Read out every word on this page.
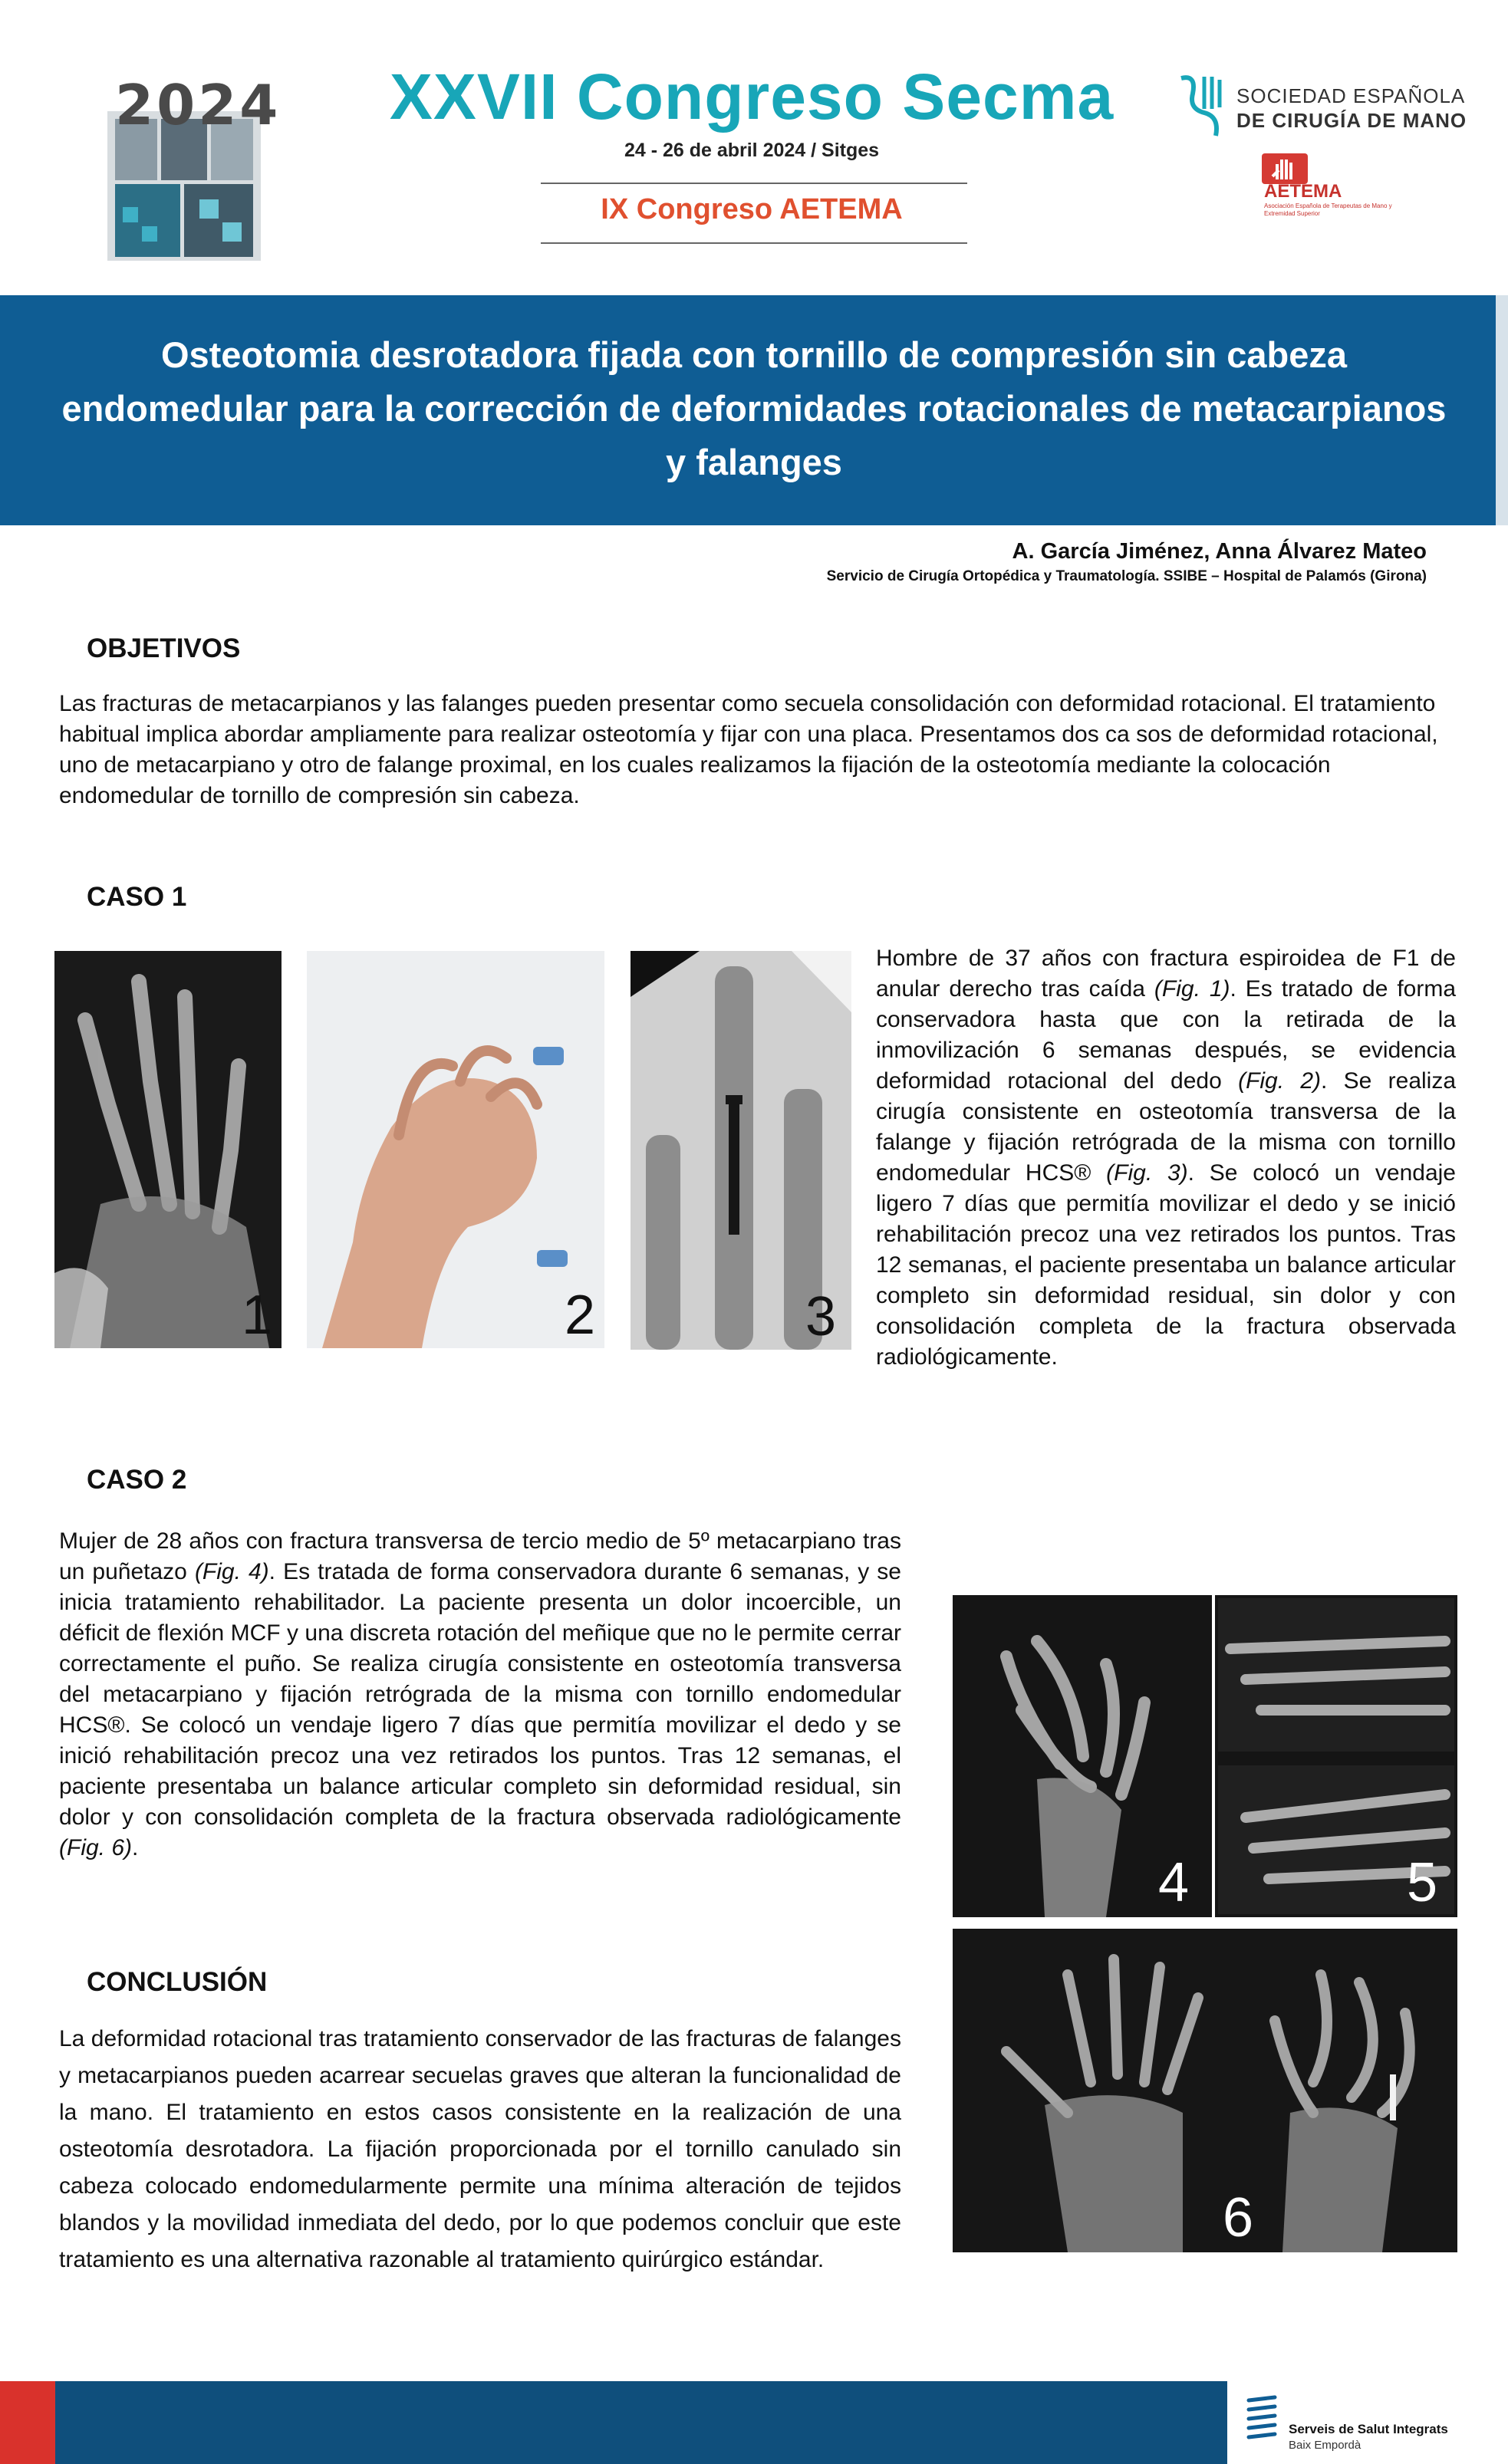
2024	XXVII Congreso Secma
24 - 26 de abril 2024 / Sitges
IX Congreso AETEMA
SOCIEDAD ESPAÑOLA
DE CIRUGÍA DE MANO
AETEMA
Asociación Española de Terapeutas de Mano y Extremidad Superior
Osteotomia desrotadora fijada con tornillo de compresión sin cabeza endomedular para la corrección de deformidades rotacionales de metacarpianos y falanges
A. García Jiménez, Anna Álvarez Mateo
Servicio de Cirugía Ortopédica y Traumatología. SSIBE – Hospital de Palamós (Girona)
OBJETIVOS
Las fracturas de metacarpianos y las falanges pueden presentar como secuela consolidación con deformidad rotacional. El tratamiento habitual implica abordar ampliamente para realizar osteotomía y fijar con una placa. Presentamos dos ca sos de deformidad rotacional, uno de metacarpiano y otro de falange proximal, en los cuales realizamos la fijación de la osteotomía mediante la colocación endomedular de tornillo de compresión sin cabeza.
CASO 1
1	2	3
Hombre de 37 años con fractura espiroidea de F1 de anular derecho tras caída (Fig. 1). Es tratado de forma conservadora hasta que con la retirada de la inmovilización 6 semanas después, se evidencia deformidad rotacional del dedo (Fig. 2). Se realiza cirugía consistente en osteotomía transversa de la falange y fijación retrógrada de la misma con tornillo endomedular HCS® (Fig. 3). Se colocó un vendaje ligero 7 días que permitía movilizar el dedo y se inició rehabilitación precoz una vez retirados los puntos. Tras 12 semanas, el paciente presentaba un balance articular completo sin deformidad residual, sin dolor y con consolidación completa de la fractura observada radiológicamente.
CASO 2
Mujer de 28 años con fractura transversa de tercio medio de 5º metacarpiano tras un puñetazo (Fig. 4). Es tratada de forma conservadora durante 6 semanas, y se inicia tratamiento rehabilitador. La paciente presenta un dolor incoercible, un déficit de flexión MCF y una discreta rotación del meñique que no le permite cerrar correctamente el puño. Se realiza cirugía consistente en osteotomía transversa del metacarpiano y fijación retrógrada de la misma con tornillo endomedular HCS®. Se colocó un vendaje ligero 7 días que permitía movilizar el dedo y se inició rehabilitación precoz una vez retirados los puntos. Tras 12 semanas, el paciente presentaba un balance articular completo sin deformidad residual, sin dolor y con consolidación completa de la fractura observada radiológicamente (Fig. 6).
4	5
6
CONCLUSIÓN
La deformidad rotacional tras tratamiento conservador de las fracturas de falanges y metacarpianos pueden acarrear secuelas graves que alteran la funcionalidad de la mano. El tratamiento en estos casos consistente en la realización de una osteotomía desrotadora. La fijación proporcionada por el tornillo canulado sin cabeza colocado endomedularmente permite una mínima alteración de tejidos blandos y la movilidad inmediata del dedo, por lo que podemos concluir que este tratamiento es una alternativa razonable al tratamiento quirúrgico estándar.
Serveis de Salut Integrats
Baix Empordà
